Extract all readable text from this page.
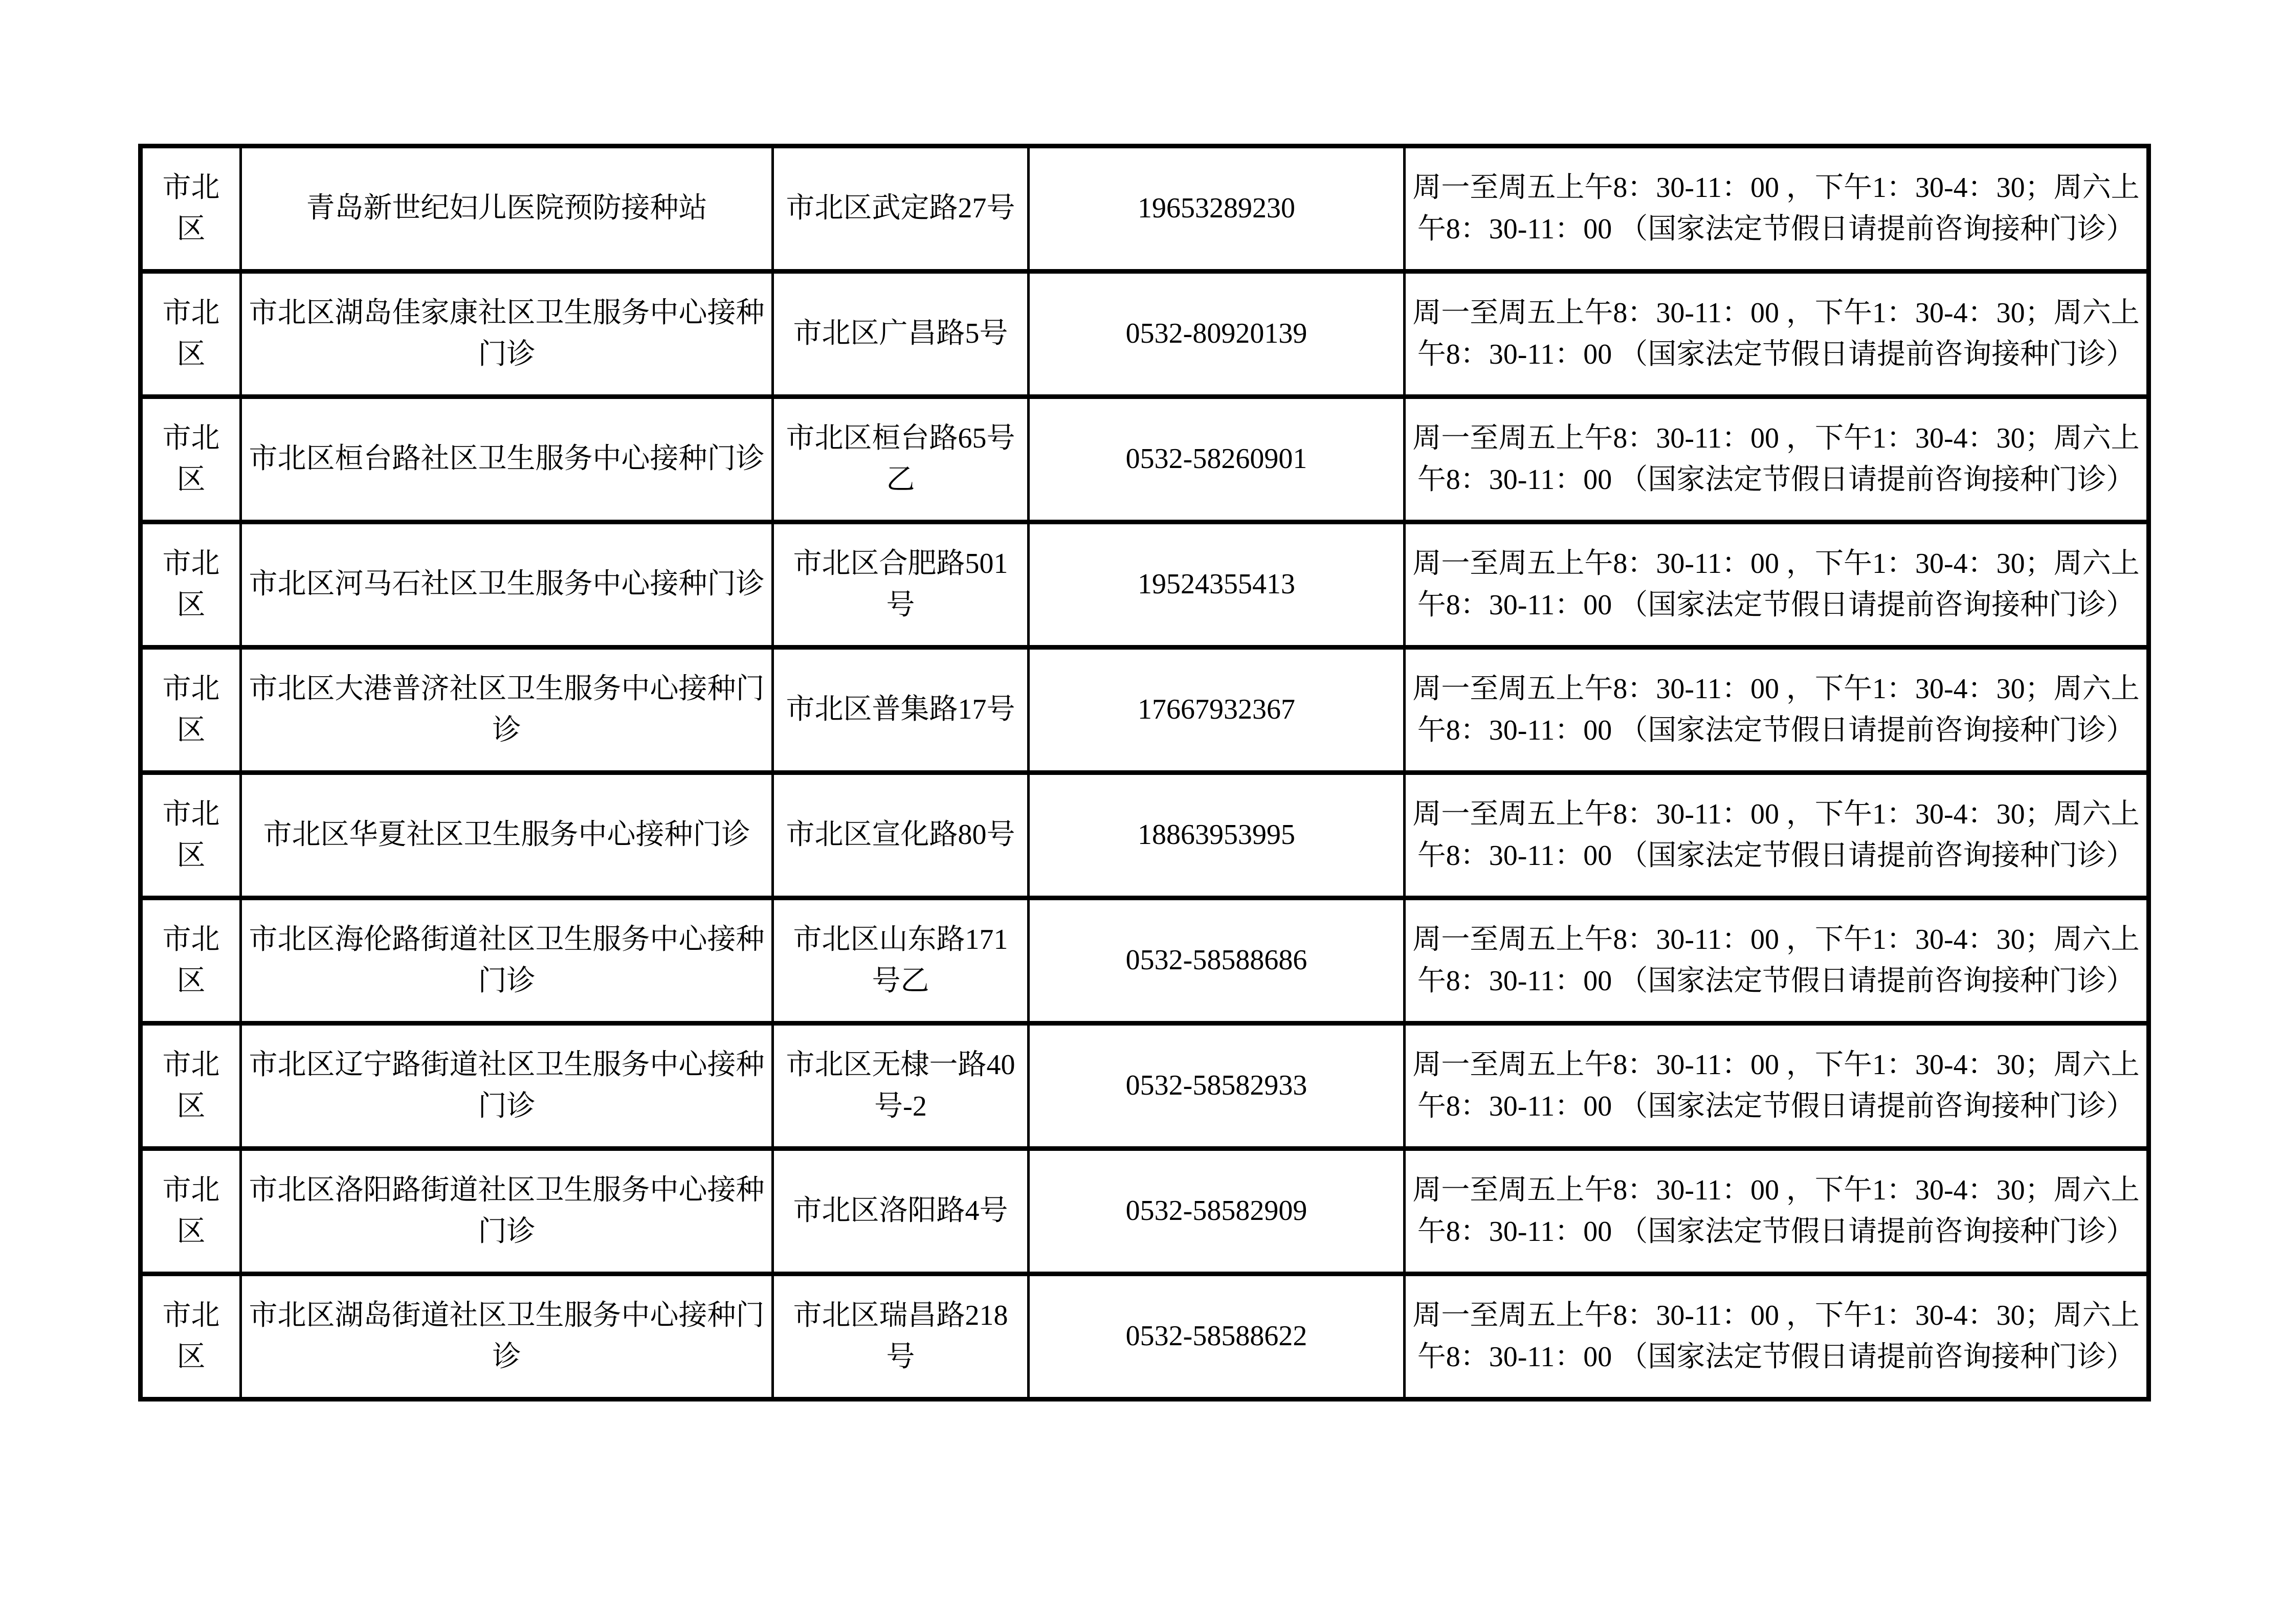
市北区	青岛新世纪妇儿医院预防接种站	市北区武定路27号	19653289230	周一至周五上午8：30-11：00 ，下午1：30-4：30；周六上午8：30-11：00 （国家法定节假日请提前咨询接种门诊）
市北区	市北区湖岛佳家康社区卫生服务中心接种门诊	市北区广昌路5号	0532-80920139	周一至周五上午8：30-11：00 ，下午1：30-4：30；周六上午8：30-11：00 （国家法定节假日请提前咨询接种门诊）
市北区	市北区桓台路社区卫生服务中心接种门诊	市北区桓台路65号乙	0532-58260901	周一至周五上午8：30-11：00 ，下午1：30-4：30；周六上午8：30-11：00 （国家法定节假日请提前咨询接种门诊）
市北区	市北区河马石社区卫生服务中心接种门诊	市北区合肥路501号	19524355413	周一至周五上午8：30-11：00 ，下午1：30-4：30；周六上午8：30-11：00 （国家法定节假日请提前咨询接种门诊）
市北区	市北区大港普济社区卫生服务中心接种门诊	市北区普集路17号	17667932367	周一至周五上午8：30-11：00 ，下午1：30-4：30；周六上午8：30-11：00 （国家法定节假日请提前咨询接种门诊）
市北区	市北区华夏社区卫生服务中心接种门诊	市北区宣化路80号	18863953995	周一至周五上午8：30-11：00 ，下午1：30-4：30；周六上午8：30-11：00 （国家法定节假日请提前咨询接种门诊）
市北区	市北区海伦路街道社区卫生服务中心接种门诊	市北区山东路171号乙	0532-58588686	周一至周五上午8：30-11：00 ，下午1：30-4：30；周六上午8：30-11：00 （国家法定节假日请提前咨询接种门诊）
市北区	市北区辽宁路街道社区卫生服务中心接种门诊	市北区无棣一路40号-2	0532-58582933	周一至周五上午8：30-11：00 ，下午1：30-4：30；周六上午8：30-11：00 （国家法定节假日请提前咨询接种门诊）
市北区	市北区洛阳路街道社区卫生服务中心接种门诊	市北区洛阳路4号	0532-58582909	周一至周五上午8：30-11：00 ，下午1：30-4：30；周六上午8：30-11：00 （国家法定节假日请提前咨询接种门诊）
市北区	市北区湖岛街道社区卫生服务中心接种门诊	市北区瑞昌路218号	0532-58588622	周一至周五上午8：30-11：00 ，下午1：30-4：30；周六上午8：30-11：00 （国家法定节假日请提前咨询接种门诊）
